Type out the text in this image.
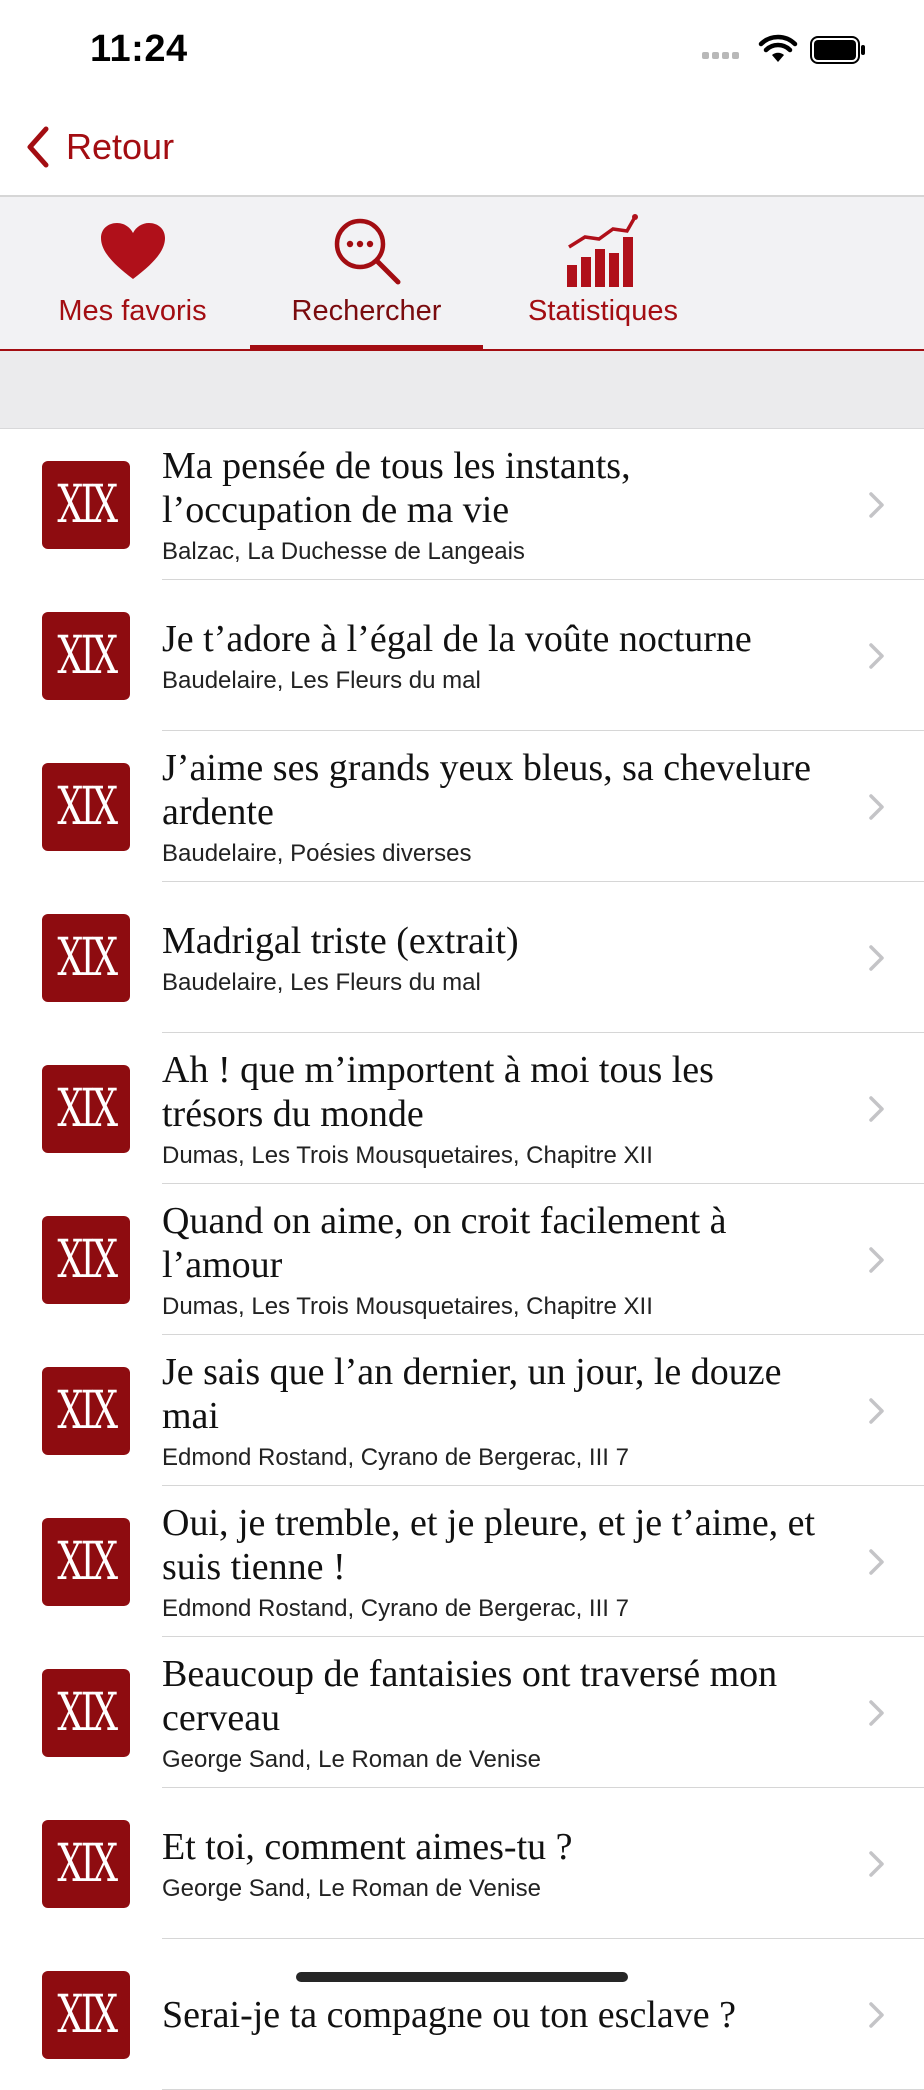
11:24
Retour
Mes favoris	Rechercher	Statistiques
XIX
Ma pensée de tous les instants, l’occupation de ma vie
Balzac, La Duchesse de Langeais
XIX Je t’adore à l’égal de la voûte nocturne
Baudelaire, Les Fleurs du mal
XIX
J’aime ses grands yeux bleus, sa chevelure ardente
Baudelaire, Poésies diverses
XIX Madrigal triste (extrait)
Baudelaire, Les Fleurs du mal
XIX
Ah ! que m’importent à moi tous les trésors du monde
Dumas, Les Trois Mousquetaires, Chapitre XII
XIX
Quand on aime, on croit facilement à l’amour
Dumas, Les Trois Mousquetaires, Chapitre XII
XIX
Je sais que l’an dernier, un jour, le douze mai
Edmond Rostand, Cyrano de Bergerac, III 7
XIX
Oui, je tremble, et je pleure, et je t’aime, et suis tienne !
Edmond Rostand, Cyrano de Bergerac, III 7
XIX
Beaucoup de fantaisies ont traversé mon cerveau
George Sand, Le Roman de Venise
XIX Et toi, comment aimes-tu ?
George Sand, Le Roman de Venise
XIX Serai-je ta compagne ou ton esclave ?
